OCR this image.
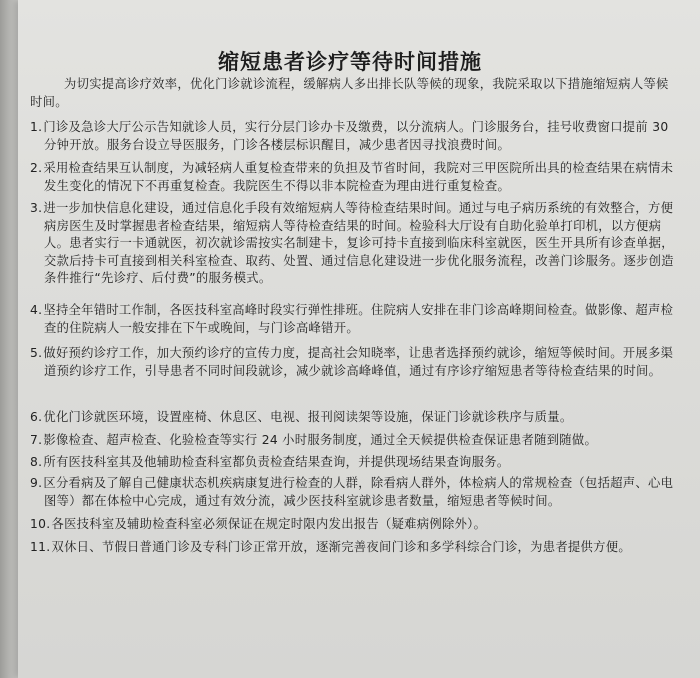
缩短患者诊疗等待时间措施
为切实提高诊疗效率，优化门诊就诊流程，缓解病人多出排长队等候的现象，我院采取以下措施缩短病人等候时间。
1.门诊及急诊大厅公示告知就诊人员，实行分层门诊办卡及缴费，以分流病人。门诊服务台，挂号收费窗口提前 30 分钟开放。服务台设立导医服务，门诊各楼层标识醒目，减少患者因寻找浪费时间。
2.采用检查结果互认制度，为减轻病人重复检查带来的负担及节省时间，我院对三甲医院所出具的检查结果在病情未发生变化的情况下不再重复检查。我院医生不得以非本院检查为理由进行重复检查。
3.进一步加快信息化建设，通过信息化手段有效缩短病人等待检查结果时间。通过与电子病历系统的有效整合，方便病房医生及时掌握患者检查结果，缩短病人等待检查结果的时间。检验科大厅设有自助化验单打印机，以方便病人。患者实行一卡通就医，初次就诊需按实名制建卡，复诊可持卡直接到临床科室就医，医生开具所有诊查单据，交款后持卡可直接到相关科室检查、取药、处置、通过信息化建设进一步优化服务流程，改善门诊服务。逐步创造条件推行“先诊疗、后付费”的服务模式。
4.坚持全年错时工作制，各医技科室高峰时段实行弹性排班。住院病人安排在非门诊高峰期间检查。做影像、超声检查的住院病人一般安排在下午或晚间，与门诊高峰错开。
5.做好预约诊疗工作，加大预约诊疗的宣传力度，提高社会知晓率，让患者选择预约就诊，缩短等候时间。开展多渠道预约诊疗工作，引导患者不同时间段就诊，减少就诊高峰峰值，通过有序诊疗缩短患者等待检查结果的时间。
6.优化门诊就医环境，设置座椅、休息区、电视、报刊阅读架等设施，保证门诊就诊秩序与质量。
7.影像检查、超声检查、化验检查等实行 24 小时服务制度，通过全天候提供检查保证患者随到随做。
8.所有医技科室其及他辅助检查科室都负责检查结果查询，并提供现场结果查询服务。
9.区分看病及了解自己健康状态机疾病康复进行检查的人群，除看病人群外，体检病人的常规检查（包括超声、心电图等）都在体检中心完成，通过有效分流，减少医技科室就诊患者数量，缩短患者等候时间。
10.各医技科室及辅助检查科室必须保证在规定时限内发出报告（疑难病例除外）。
11.双休日、节假日普通门诊及专科门诊正常开放，逐渐完善夜间门诊和多学科综合门诊，为患者提供方便。
